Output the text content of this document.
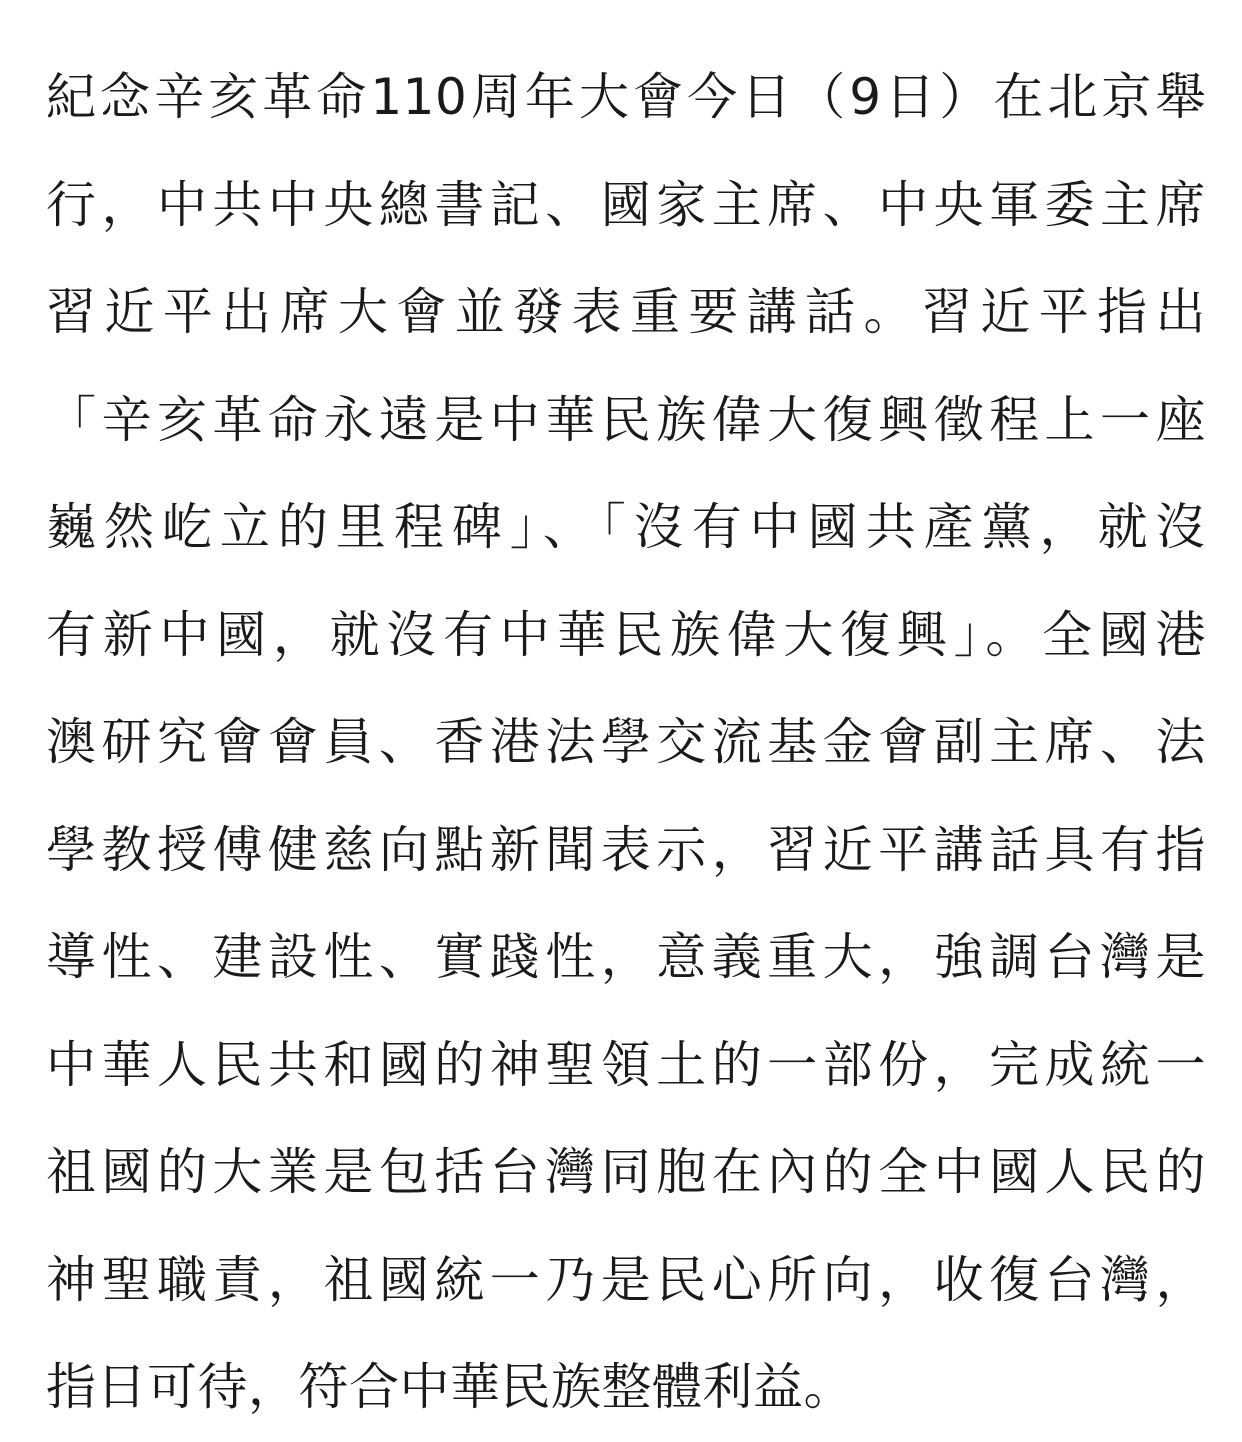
紀念辛亥革命110周年大會今日（9日）在北京舉
行，中共中央總書記、國家主席、中央軍委主席
習近平出席大會並發表重要講話。習近平指出
「辛亥革命永遠是中華民族偉大復興徵程上一座
巍然屹立的里程碑」、「沒有中國共產黨，就沒
有新中國，就沒有中華民族偉大復興」。全國港
澳研究會會員、香港法學交流基金會副主席、法
學教授傅健慈向點新聞表示，習近平講話具有指
導性、建設性、實踐性，意義重大，強調台灣是
中華人民共和國的神聖領土的一部份，完成統一
祖國的大業是包括台灣同胞在內的全中國人民的
神聖職責，祖國統一乃是民心所向，收復台灣，
指日可待，符合中華民族整體利益。
